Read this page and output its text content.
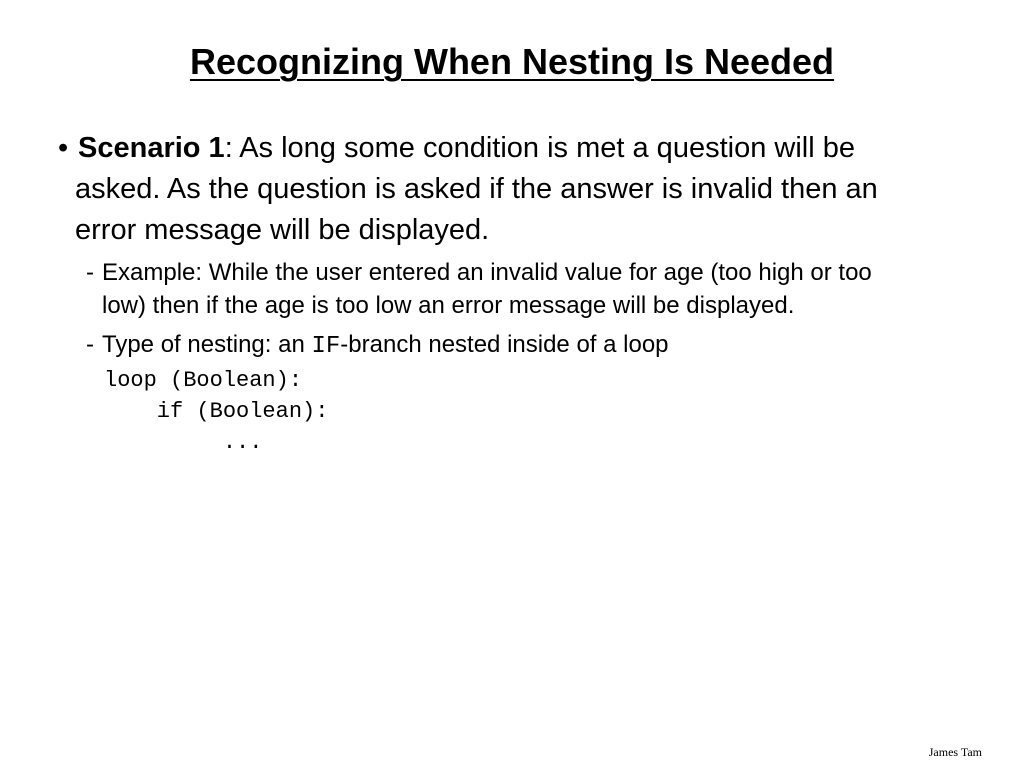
Recognizing When Nesting Is Needed
• Scenario 1: As long some condition is met a question will be
asked. As the question is asked if the answer is invalid then an
error message will be displayed.
- Example: While the user entered an invalid value for age (too high or too
low) then if the age is too low an error message will be displayed.
- Type of nesting: an IF-branch nested inside of a loop
loop (Boolean):
if (Boolean):
...
James Tam
